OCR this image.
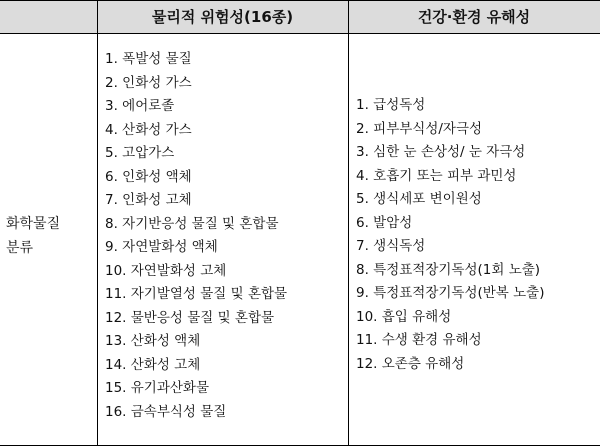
물리적 위험성(16종)	건강·환경 유해성
화학물질
분류
1. 폭발성 물질
2. 인화성 가스
3. 에어로졸
4. 산화성 가스
5. 고압가스
6. 인화성 액체
7. 인화성 고체
8. 자기반응성 물질 및 혼합물
9. 자연발화성 액체
10. 자연발화성 고체
11. 자기발열성 물질 및 혼합물
12. 물반응성 물질 및 혼합물
13. 산화성 액체
14. 산화성 고체
15. 유기과산화물
16. 금속부식성 물질
1. 급성독성
2. 피부부식성/자극성
3. 심한 눈 손상성/ 눈 자극성
4. 호흡기 또는 피부 과민성
5. 생식세포 변이원성
6. 발암성
7. 생식독성
8. 특정표적장기독성(1회 노출)
9. 특정표적장기독성(반복 노출)
10. 흡입 유해성
11. 수생 환경 유해성
12. 오존층 유해성
